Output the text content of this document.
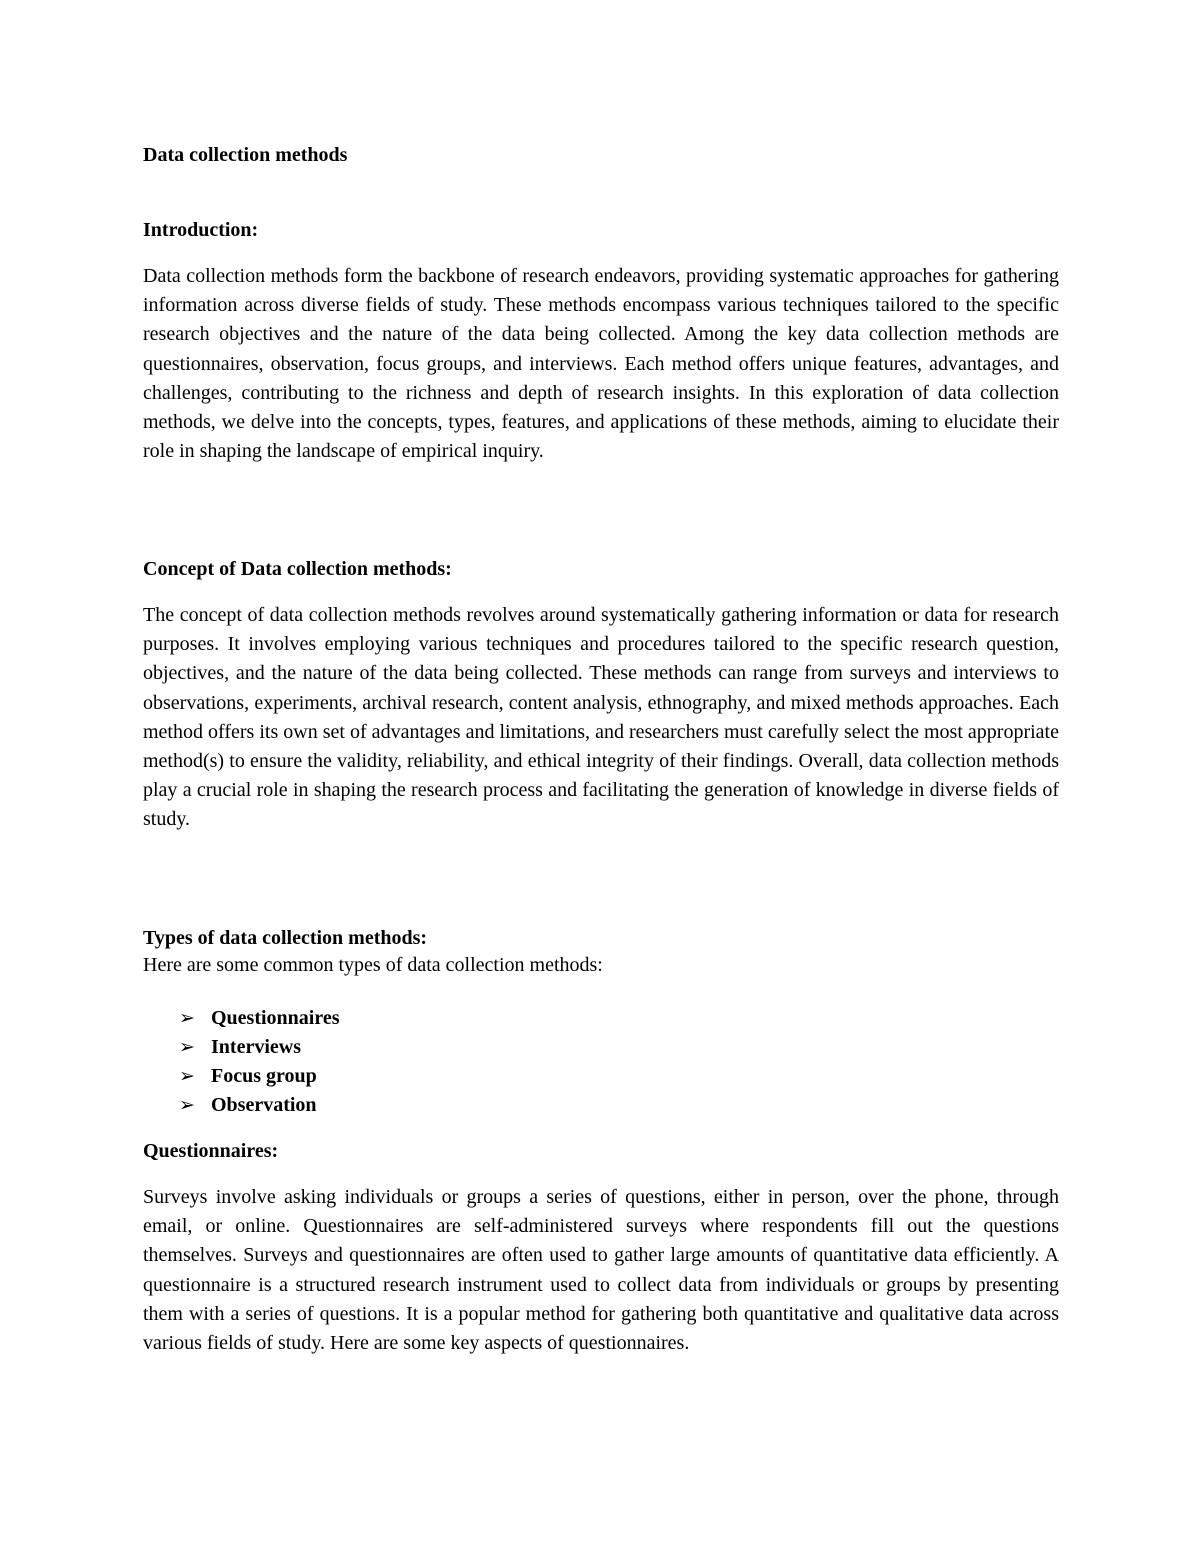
Data collection methods
Introduction:

Data collection methods form the backbone of research endeavors, providing systematic approaches for gathering information across diverse fields of study. These methods encompass various techniques tailored to the specific research objectives and the nature of the data being collected. Among the key data collection methods are questionnaires, observation, focus groups, and interviews. Each method offers unique features, advantages, and challenges, contributing to the richness and depth of research insights. In this exploration of data collection methods, we delve into the concepts, types, features, and applications of these methods, aiming to elucidate their role in shaping the landscape of empirical inquiry.

Concept of Data collection methods:

The concept of data collection methods revolves around systematically gathering information or data for research purposes. It involves employing various techniques and procedures tailored to the specific research question, objectives, and the nature of the data being collected. These methods can range from surveys and interviews to observations, experiments, archival research, content analysis, ethnography, and mixed methods approaches. Each method offers its own set of advantages and limitations, and researchers must carefully select the most appropriate method(s) to ensure the validity, reliability, and ethical integrity of their findings. Overall, data collection methods play a crucial role in shaping the research process and facilitating the generation of knowledge in diverse fields of study.

Types of data collection methods:
Here are some common types of data collection methods:
➢ Questionnaires
➢ Interviews
➢ Focus group
➢ Observation
Questionnaires:

Surveys involve asking individuals or groups a series of questions, either in person, over the phone, through email, or online. Questionnaires are self-administered surveys where respondents fill out the questions themselves. Surveys and questionnaires are often used to gather large amounts of quantitative data efficiently. A questionnaire is a structured research instrument used to collect data from individuals or groups by presenting them with a series of questions. It is a popular method for gathering both quantitative and qualitative data across various fields of study. Here are some key aspects of questionnaires.
